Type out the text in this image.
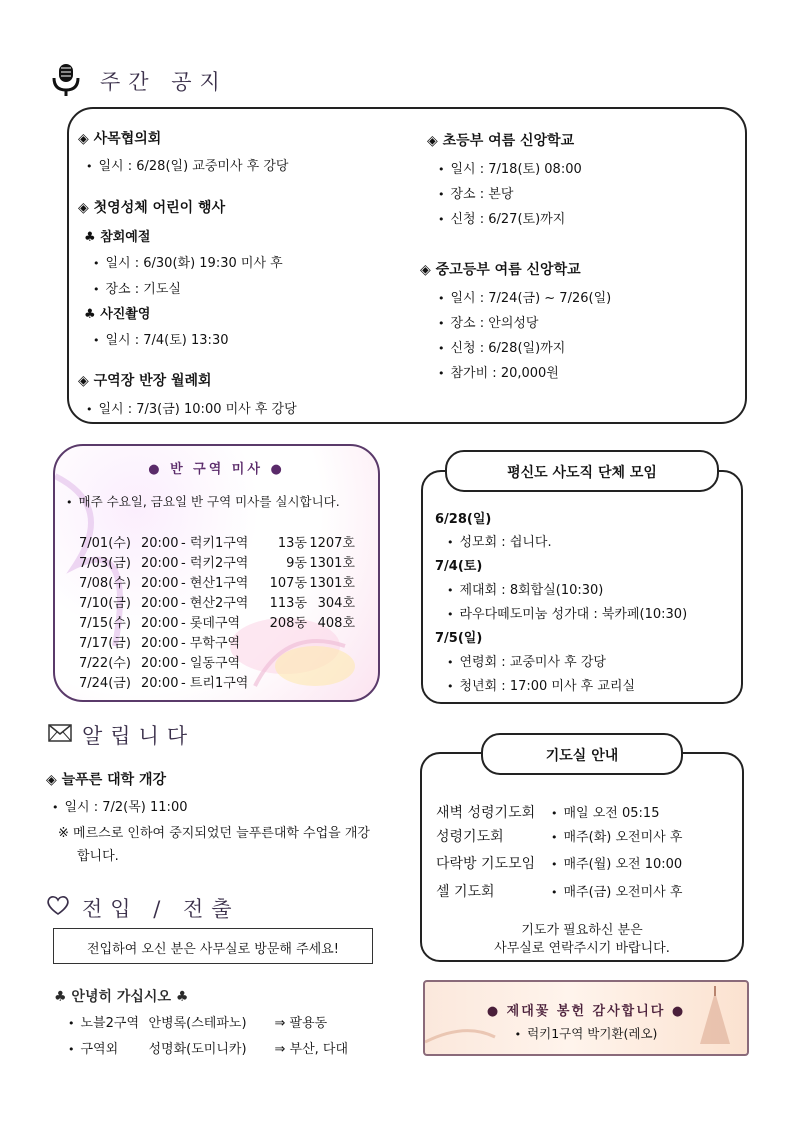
주간 공지
◈ 사목협의회
• 일시 : 6/28(일) 교중미사 후 강당
◈ 첫영성체 어린이 행사
♣ 참회예절
• 일시 : 6/30(화) 19:30 미사 후
• 장소 : 기도실
♣ 사진촬영
• 일시 : 7/4(토) 13:30
◈ 구역장 반장 월례회
• 일시 : 7/3(금) 10:00 미사 후 강당
◈ 초등부 여름 신앙학교
• 일시 : 7/18(토) 08:00
• 장소 : 본당
• 신청 : 6/27(토)까지
◈ 중고등부 여름 신앙학교
• 일시 : 7/24(금) ~ 7/26(일)
• 장소 : 안의성당
• 신청 : 6/28(일)까지
• 참가비 : 20,000원
● 반 구역 미사 ●
• 매주 수요일, 금요일 반 구역 미사를 실시합니다.
7/01(수) 20:00 - 럭키1구역 13동 1207호
7/03(금) 20:00 - 럭키2구역	9동 1301호
7/08(수) 20:00 - 현산1구역 107동 1301호
7/10(금) 20:00 - 현산2구역 113동 304호
7/15(수) 20:00 - 롯데구역 208동 408호
7/17(금) 20:00 - 무학구역
7/22(수) 20:00 - 일동구역
7/24(금) 20:00 - 트리1구역
평신도 사도직 단체 모임
6/28(일)
• 성모회 : 쉽니다.
7/4(토)
• 제대회 : 8회합실(10:30)
• 라우다떼도미눔 성가대 : 북카페(10:30)
7/5(일)
• 연령회 : 교중미사 후 강당
• 청년회 : 17:00 미사 후 교리실
알립니다
◈ 늘푸른 대학 개강
• 일시 : 7/2(목) 11:00
※ 메르스로 인하여 중지되었던 늘푸른대학 수업을 개강
합니다.
기도실 안내
새벽 성령기도회 • 매일 오전 05:15
성령기도회	• 매주(화) 오전미사 후
다락방 기도모임 • 매주(월) 오전 10:00
셀 기도회	• 매주(금) 오전미사 후
기도가 필요하신 분은
사무실로 연락주시기 바랍니다.
전입 / 전출
전입하여 오신 분은 사무실로 방문해 주세요!
♣ 안녕히 가십시오 ♣
• 노블2구역 안병록(스테파노) ⇒ 팔용동
• 구역외 성명화(도미니카) ⇒ 부산, 다대
● 제대꽃 봉헌 감사합니다 ●
• 럭키1구역 박기환(레오)
